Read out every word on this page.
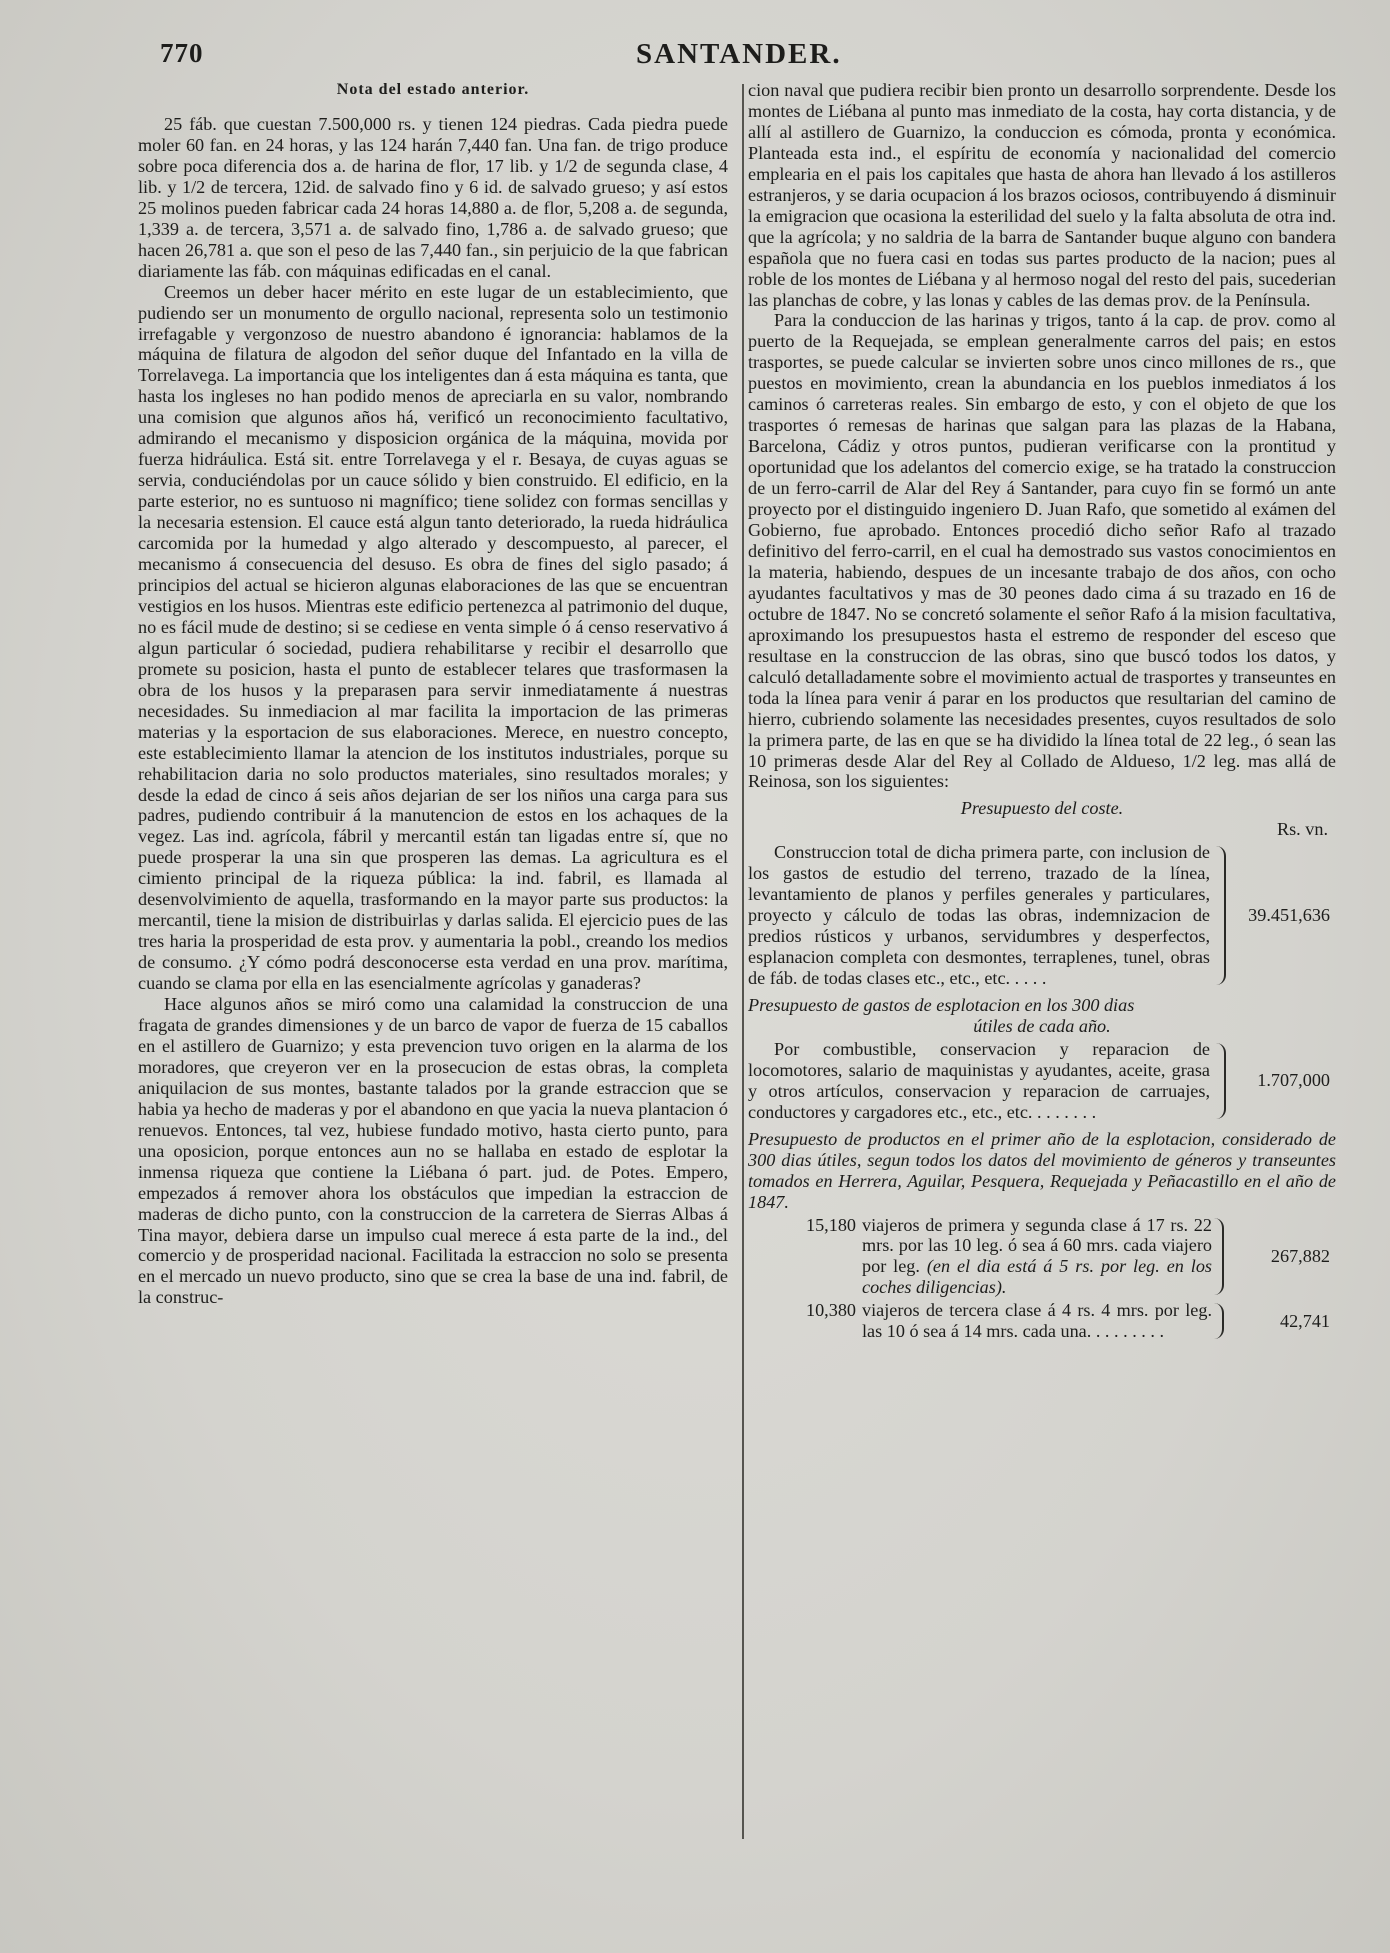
770	SANTANDER.

Nota del estado anterior.

25 fáb. que cuestan 7.500,000 rs. y tienen 124 piedras. Cada piedra puede moler 60 fan. en 24 horas, y las 124 harán 7,440 fan. Una fan. de trigo produce sobre poca diferencia dos a. de harina de flor, 17 lib. y 1/2 de segunda clase, 4 lib. y 1/2 de tercera, 12id. de salvado fino y 6 id. de salvado grueso; y así estos 25 molinos pueden fabricar cada 24 horas 14,880 a. de flor, 5,208 a. de segunda, 1,339 a. de tercera, 3,571 a. de salvado fino, 1,786 a. de salvado grueso; que hacen 26,781 a. que son el peso de las 7,440 fan., sin perjuicio de la que fabrican diariamente las fáb. con máquinas edificadas en el canal.

Creemos un deber hacer mérito en este lugar de un establecimiento, que pudiendo ser un monumento de orgullo nacional, representa solo un testimonio irrefagable y vergonzoso de nuestro abandono é ignorancia: hablamos de la máquina de filatura de algodon del señor duque del Infantado en la villa de Torrelavega. La importancia que los inteligentes dan á esta máquina es tanta, que hasta los ingleses no han podido menos de apreciarla en su valor, nombrando una comision que algunos años há, verificó un reconocimiento facultativo, admirando el mecanismo y disposicion orgánica de la máquina, movida por fuerza hidráulica. Está sit. entre Torrelavega y el r. Besaya, de cuyas aguas se servia, conduciéndolas por un cauce sólido y bien construido. El edificio, en la parte esterior, no es suntuoso ni magnífico; tiene solidez con formas sencillas y la necesaria estension. El cauce está algun tanto deteriorado, la rueda hidráulica carcomida por la humedad y algo alterado y descompuesto, al parecer, el mecanismo á consecuencia del desuso. Es obra de fines del siglo pasado; á principios del actual se hicieron algunas elaboraciones de las que se encuentran vestigios en los husos. Mientras este edificio pertenezca al patrimonio del duque, no es fácil mude de destino; si se cediese en venta simple ó á censo reservativo á algun particular ó sociedad, pudiera rehabilitarse y recibir el desarrollo que promete su posicion, hasta el punto de establecer telares que trasformasen la obra de los husos y la preparasen para servir inmediatamente á nuestras necesidades. Su inmediacion al mar facilita la importacion de las primeras materias y la esportacion de sus elaboraciones. Merece, en nuestro concepto, este establecimiento llamar la atencion de los institutos industriales, porque su rehabilitacion daria no solo productos materiales, sino resultados morales; y desde la edad de cinco á seis años dejarian de ser los niños una carga para sus padres, pudiendo contribuir á la manutencion de estos en los achaques de la vegez. Las ind. agrícola, fábril y mercantil están tan ligadas entre sí, que no puede prosperar la una sin que prosperen las demas. La agricultura es el cimiento principal de la riqueza pública: la ind. fabril, es llamada al desenvolvimiento de aquella, trasformando en la mayor parte sus productos: la mercantil, tiene la mision de distribuirlas y darlas salida. El ejercicio pues de las tres haria la prosperidad de esta prov. y aumentaria la pobl., creando los medios de consumo. ¿Y cómo podrá desconocerse esta verdad en una prov. marítima, cuando se clama por ella en las esencialmente agrícolas y ganaderas?

Hace algunos años se miró como una calamidad la construccion de una fragata de grandes dimensiones y de un barco de vapor de fuerza de 15 caballos en el astillero de Guarnizo; y esta prevencion tuvo origen en la alarma de los moradores, que creyeron ver en la prosecucion de estas obras, la completa aniquilacion de sus montes, bastante talados por la grande estraccion que se habia ya hecho de maderas y por el abandono en que yacia la nueva plantacion ó renuevos. Entonces, tal vez, hubiese fundado motivo, hasta cierto punto, para una oposicion, porque entonces aun no se hallaba en estado de esplotar la inmensa riqueza que contiene la Liébana ó part. jud. de Potes. Empero, empezados á remover ahora los obstáculos que impedian la estraccion de maderas de dicho punto, con la construccion de la carretera de Sierras Albas á Tina mayor, debiera darse un impulso cual merece á esta parte de la ind., del comercio y de prosperidad nacional. Facilitada la estraccion no solo se presenta en el mercado un nuevo producto, sino que se crea la base de una ind. fabril, de la construc-

cion naval que pudiera recibir bien pronto un desarrollo sorprendente. Desde los montes de Liébana al punto mas inmediato de la costa, hay corta distancia, y de allí al astillero de Guarnizo, la conduccion es cómoda, pronta y económica. Planteada esta ind., el espíritu de economía y nacionalidad del comercio emplearia en el pais los capitales que hasta de ahora han llevado á los astilleros estranjeros, y se daria ocupacion á los brazos ociosos, contribuyendo á disminuir la emigracion que ocasiona la esterilidad del suelo y la falta absoluta de otra ind. que la agrícola; y no saldria de la barra de Santander buque alguno con bandera española que no fuera casi en todas sus partes producto de la nacion; pues al roble de los montes de Liébana y al hermoso nogal del resto del pais, sucederian las planchas de cobre, y las lonas y cables de las demas prov. de la Península.

Para la conduccion de las harinas y trigos, tanto á la cap. de prov. como al puerto de la Requejada, se emplean generalmente carros del pais; en estos trasportes, se puede calcular se invierten sobre unos cinco millones de rs., que puestos en movimiento, crean la abundancia en los pueblos inmediatos á los caminos ó carreteras reales. Sin embargo de esto, y con el objeto de que los trasportes ó remesas de harinas que salgan para las plazas de la Habana, Barcelona, Cádiz y otros puntos, pudieran verificarse con la prontitud y oportunidad que los adelantos del comercio exige, se ha tratado la construccion de un ferro-carril de Alar del Rey á Santander, para cuyo fin se formó un ante proyecto por el distinguido ingeniero D. Juan Rafo, que sometido al exámen del Gobierno, fue aprobado. Entonces procedió dicho señor Rafo al trazado definitivo del ferro-carril, en el cual ha demostrado sus vastos conocimientos en la materia, habiendo, despues de un incesante trabajo de dos años, con ocho ayudantes facultativos y mas de 30 peones dado cima á su trazado en 16 de octubre de 1847. No se concretó solamente el señor Rafo á la mision facultativa, aproximando los presupuestos hasta el estremo de responder del esceso que resultase en la construccion de las obras, sino que buscó todos los datos, y calculó detalladamente sobre el movimiento actual de trasportes y transeuntes en toda la línea para venir á parar en los productos que resultarian del camino de hierro, cubriendo solamente las necesidades presentes, cuyos resultados de solo la primera parte, de las en que se ha dividido la línea total de 22 leg., ó sean las 10 primeras desde Alar del Rey al Collado de Aldueso, 1/2 leg. mas allá de Reinosa, son los siguientes:

Presupuesto del coste.

Rs. vn.

Construccion total de dicha primera parte, con inclusion de los gastos de estudio del terreno, trazado de la línea, levantamiento de planos y perfiles generales y particulares, proyecto y cálculo de todas las obras, indemnizacion de predios rústicos y urbanos, servidumbres y desperfectos, esplanacion completa con desmontes, terraplenes, tunel, obras de fáb. de todas clases etc., etc., etc. . . . .
39.451,636

Presupuesto de gastos de esplotacion en los 300 dias
útiles de cada año.

Por combustible, conservacion y reparacion de locomotores, salario de maquinistas y ayudantes, aceite, grasa y otros artículos, conservacion y reparacion de carruajes, conductores y cargadores etc., etc., etc. . . . . . . .
1.707,000

Presupuesto de productos en el primer año de la esplotacion, considerado de 300 dias útiles, segun todos los datos del movimiento de géneros y transeuntes tomados en Herrera, Aguilar, Pesquera, Requejada y Peñacastillo en el año de 1847.

15,180 viajeros de primera y segunda clase á 17 rs. 22 mrs. por las 10 leg. ó sea á 60 mrs. cada viajero por leg. (en el dia está á 5 rs. por leg. en los coches diligencias).
267,882
10,380 viajeros de tercera clase á 4 rs. 4 mrs. por leg. las 10 ó sea á 14 mrs. cada una. . . . . . . . .
42,741
